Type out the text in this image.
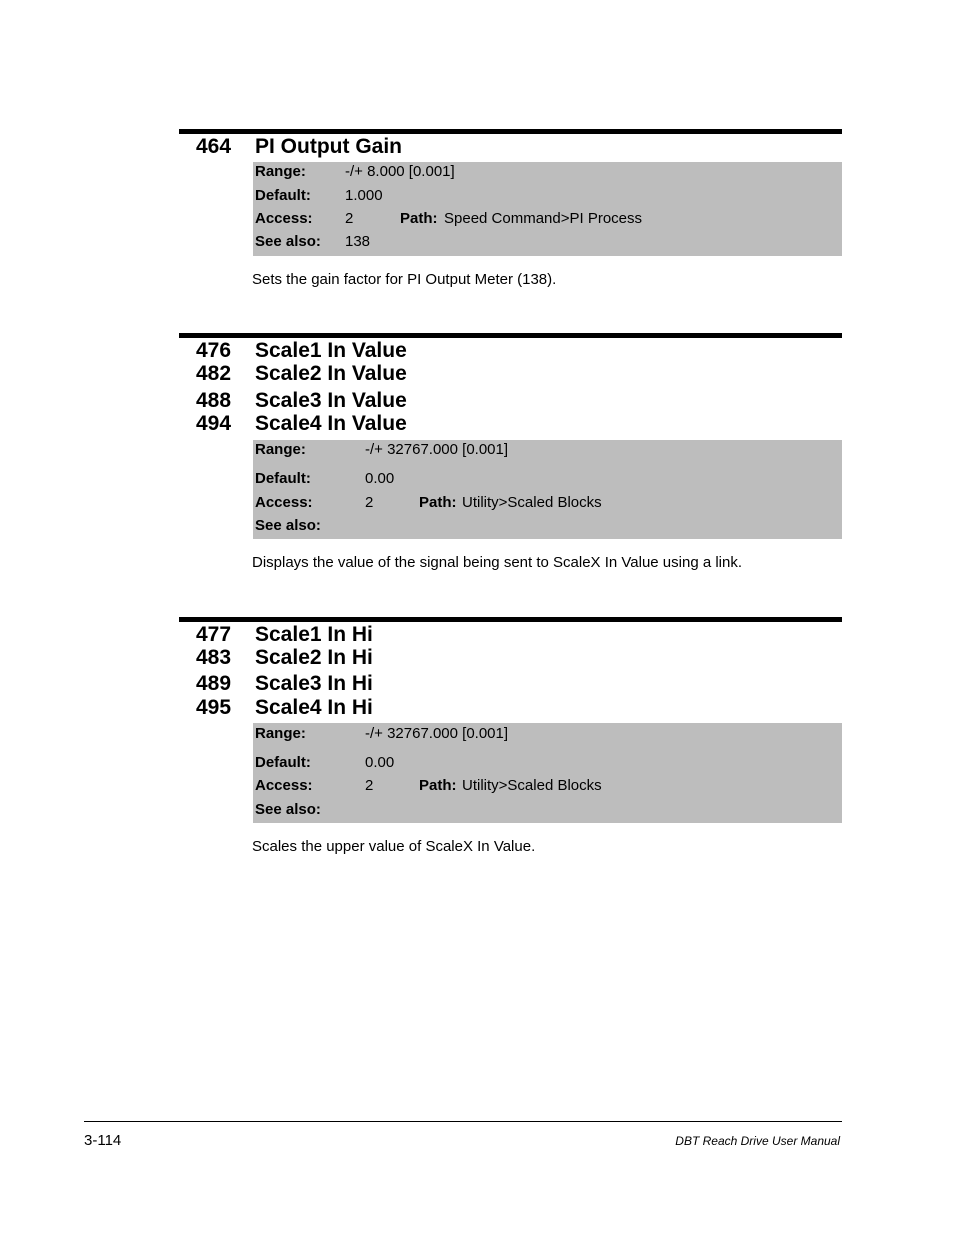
464	PI Output Gain
Range:	-/+ 8.000 [0.001]
Default: 1.000
Access: 2	Path: Speed Command>PI Process
See also: 138
Sets the gain factor for PI Output Meter (138).
476	Scale1 In Value
482	Scale2 In Value
488	Scale3 In Value
494	Scale4 In Value
Range:	-/+ 32767.000 [0.001]
Default:	0.00
Access:	2	Path: Utility>Scaled Blocks
See also:
Displays the value of the signal being sent to ScaleX In Value using a link.
477	Scale1 In Hi
483	Scale2 In Hi
489	Scale3 In Hi
495	Scale4 In Hi
Range:	-/+ 32767.000 [0.001]
Default:	0.00
Access:	2	Path: Utility>Scaled Blocks
See also:
Scales the upper value of ScaleX In Value.
3-114	DBT Reach Drive User Manual
